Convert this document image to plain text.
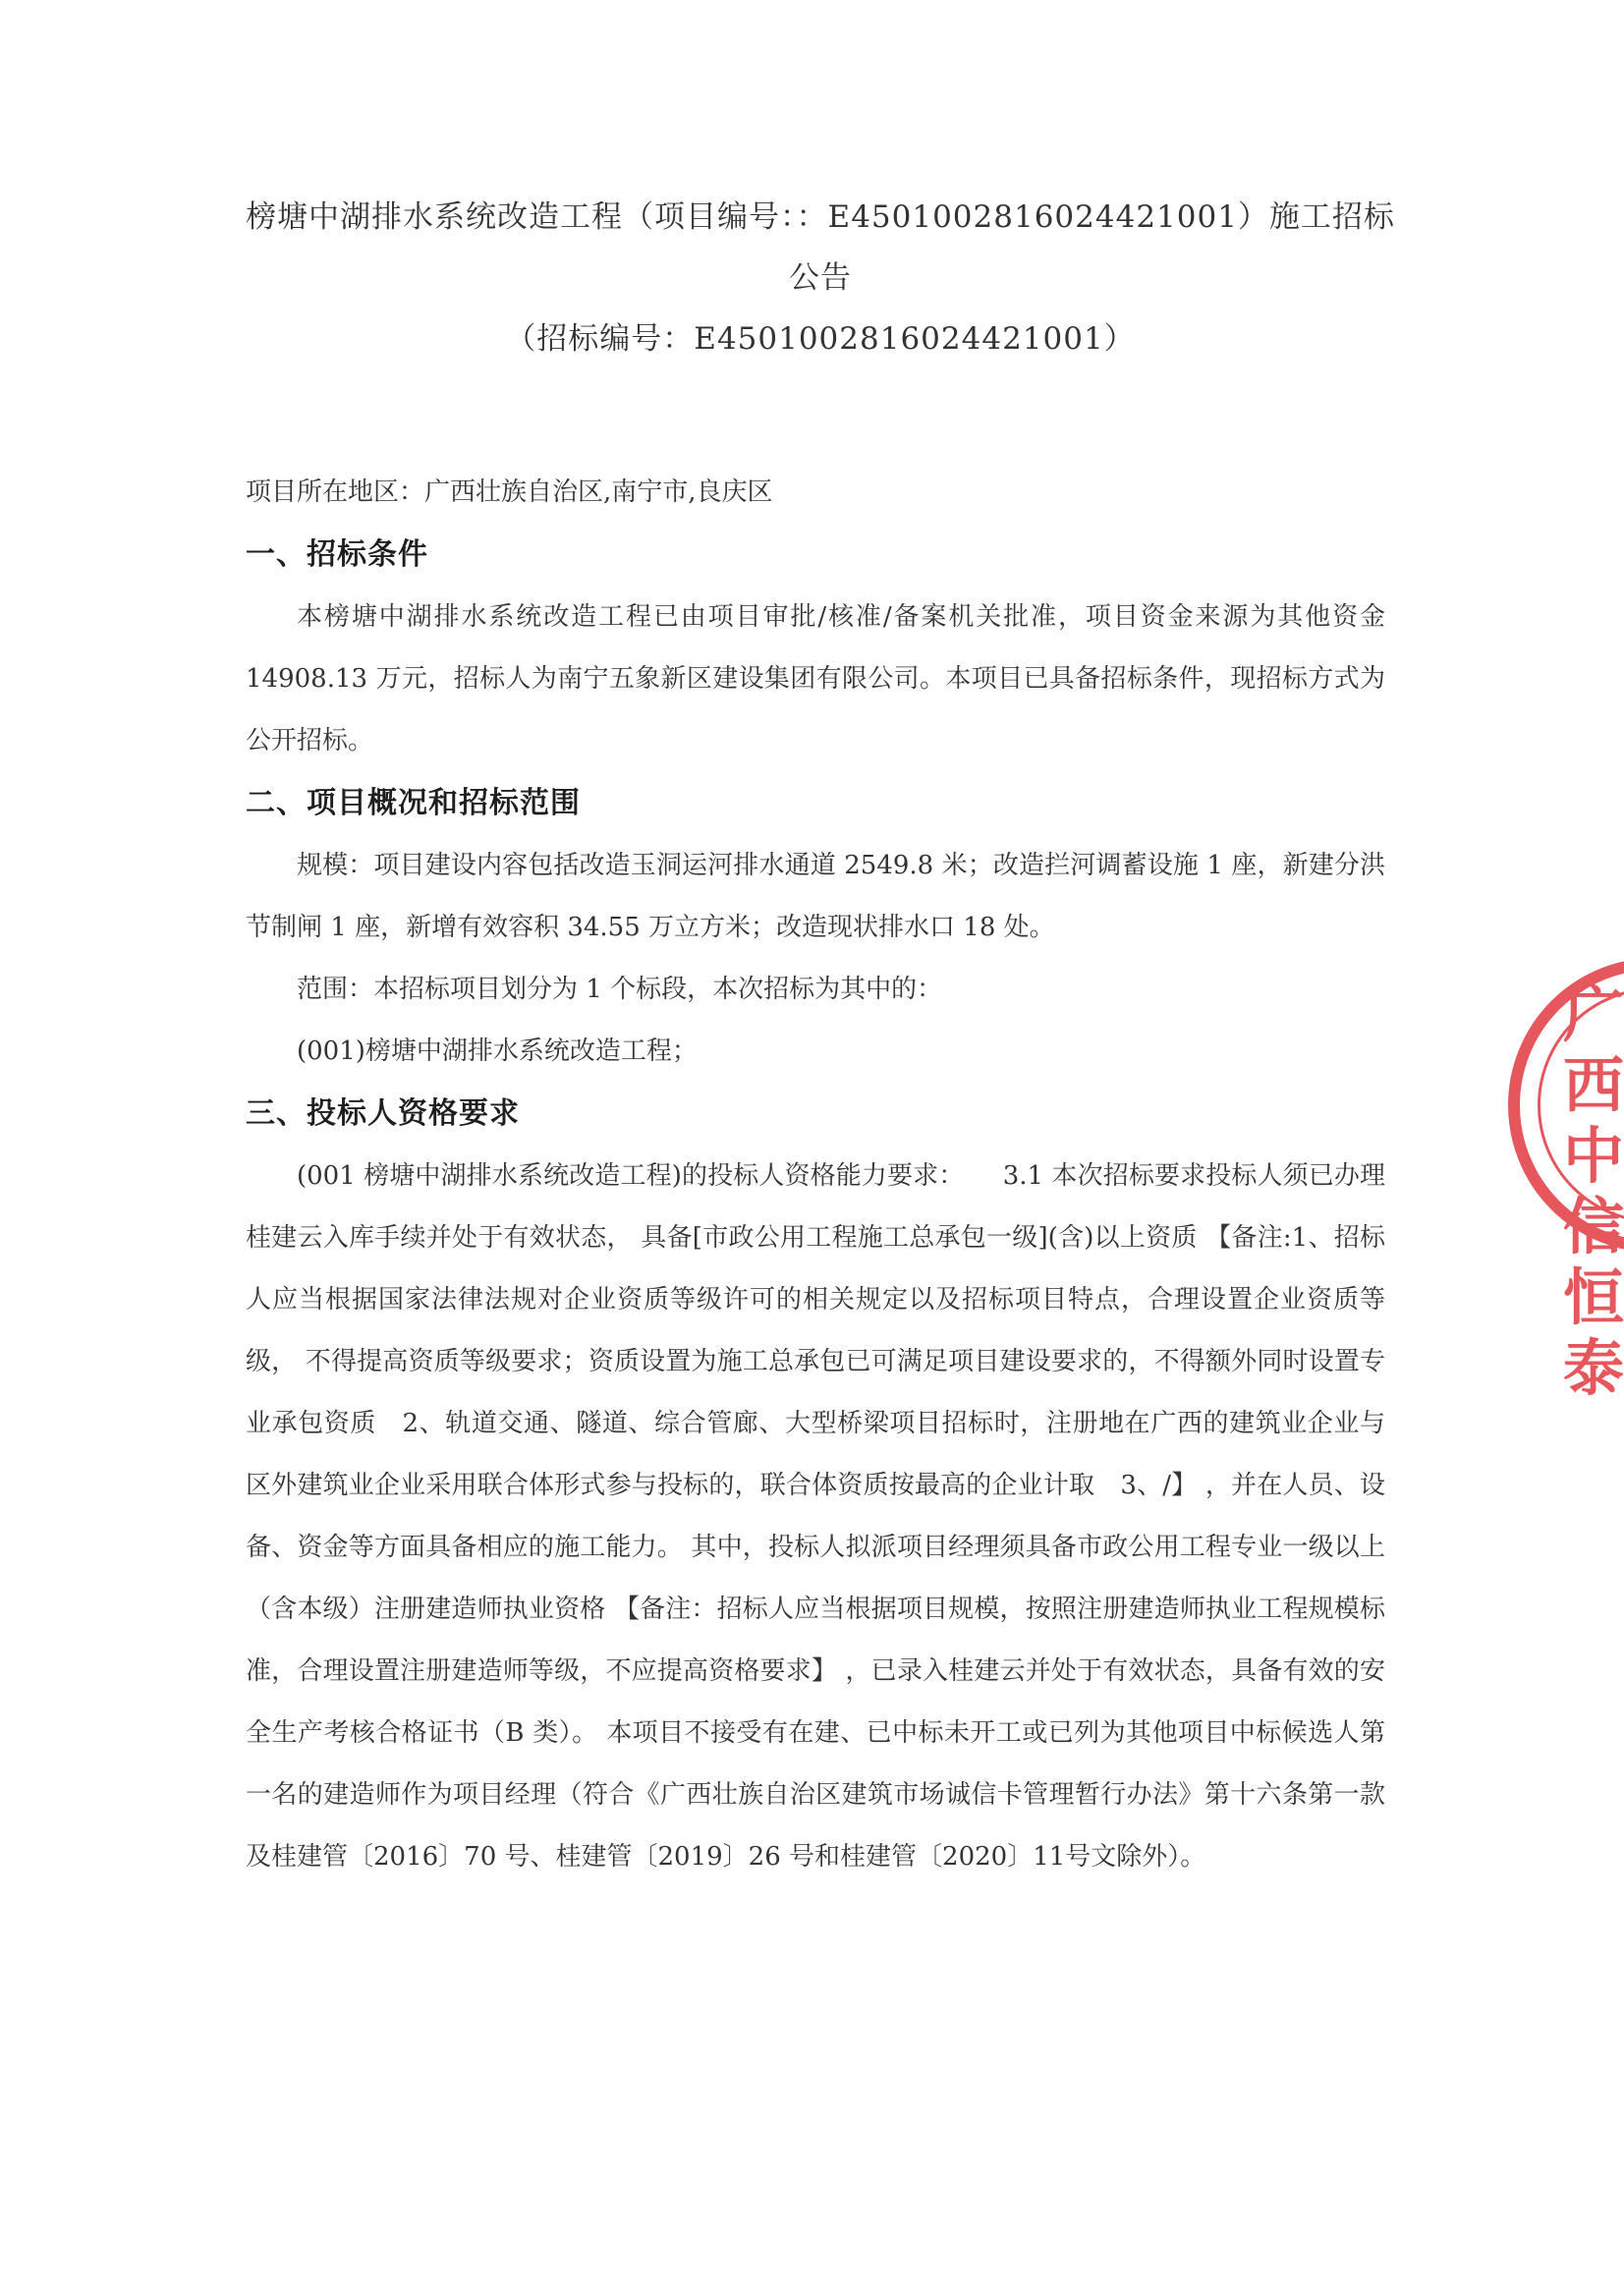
榜塘中湖排水系统改造工程（项目编号：：E4501002816024421001）施工招标公告
（招标编号：E4501002816024421001）

项目所在地区：广西壮族自治区,南宁市,良庆区

一、招标条件

本榜塘中湖排水系统改造工程已由项目审批/核准/备案机关批准，项目资金来源为其他资金 14908.13 万元，招标人为南宁五象新区建设集团有限公司。本项目已具备招标条件，现招标方式为公开招标。

二、项目概况和招标范围

规模：项目建设内容包括改造玉洞运河排水通道 2549.8 米；改造拦河调蓄设施 1 座，新建分洪节制闸 1 座，新增有效容积 34.55 万立方米；改造现状排水口 18 处。

范围：本招标项目划分为 1 个标段，本次招标为其中的：

(001)榜塘中湖排水系统改造工程；

三、投标人资格要求

(001 榜塘中湖排水系统改造工程)的投标人资格能力要求：　　3.1 本次招标要求投标人须已办理桂建云入库手续并处于有效状态， 具备[市政公用工程施工总承包一级](含)以上资质 【备注:1、招标人应当根据国家法律法规对企业资质等级许可的相关规定以及招标项目特点，合理设置企业资质等级， 不得提高资质等级要求；资质设置为施工总承包已可满足项目建设要求的，不得额外同时设置专业承包资质　2、轨道交通、隧道、综合管廊、大型桥梁项目招标时，注册地在广西的建筑业企业与区外建筑业企业采用联合体形式参与投标的，联合体资质按最高的企业计取　3、/】 ，并在人员、设备、资金等方面具备相应的施工能力。 其中，投标人拟派项目经理须具备市政公用工程专业一级以上（含本级）注册建造师执业资格 【备注：招标人应当根据项目规模，按照注册建造师执业工程规模标准，合理设置注册建造师等级，不应提高资格要求】 ，已录入桂建云并处于有效状态，具备有效的安全生产考核合格证书（B 类）。 本项目不接受有在建、已中标未开工或已列为其他项目中标候选人第一名的建造师作为项目经理（符合《广西壮族自治区建筑市场诚信卡管理暂行办法》第十六条第一款及桂建管〔2016〕70 号、桂建管〔2019〕26 号和桂建管〔2020〕11号文除外）。

广西中信恒泰
